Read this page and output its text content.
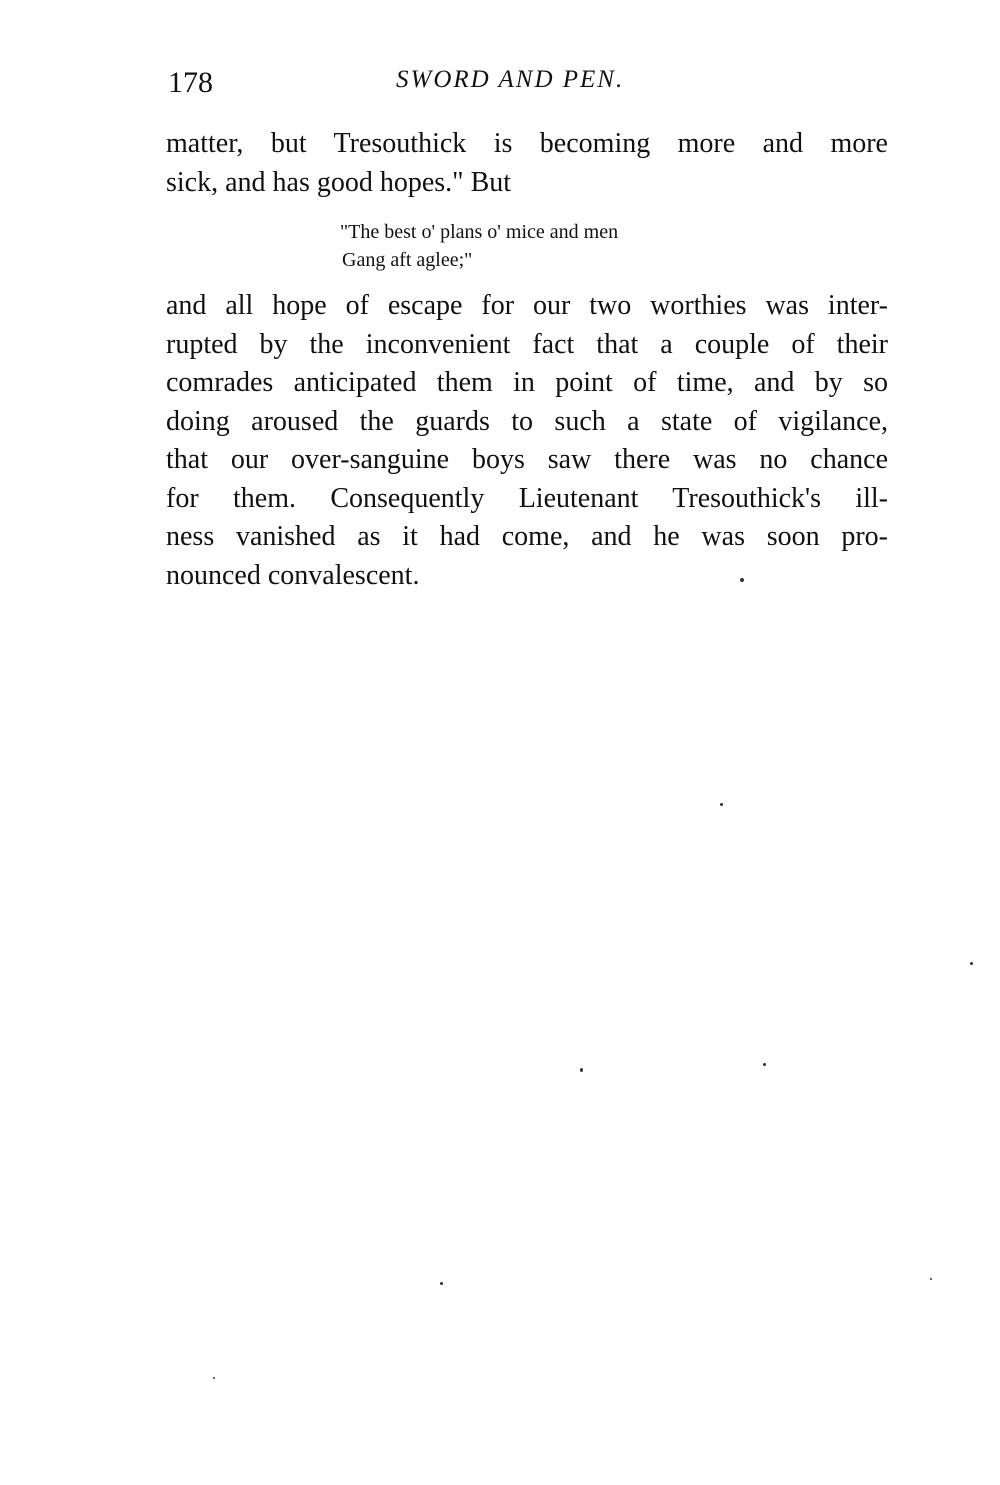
178	SWORD AND PEN.
matter, but Tresouthick is becoming more and more
sick, and has good hopes." But
"The best o' plans o' mice and men
Gang aft aglee;"
and all hope of escape for our two worthies was inter-
rupted by the inconvenient fact that a couple of their
comrades anticipated them in point of time, and by so
doing aroused the guards to such a state of vigilance,
that our over-sanguine boys saw there was no chance
for them. Consequently Lieutenant Tresouthick's ill-
ness vanished as it had come, and he was soon pro-
nounced convalescent.
